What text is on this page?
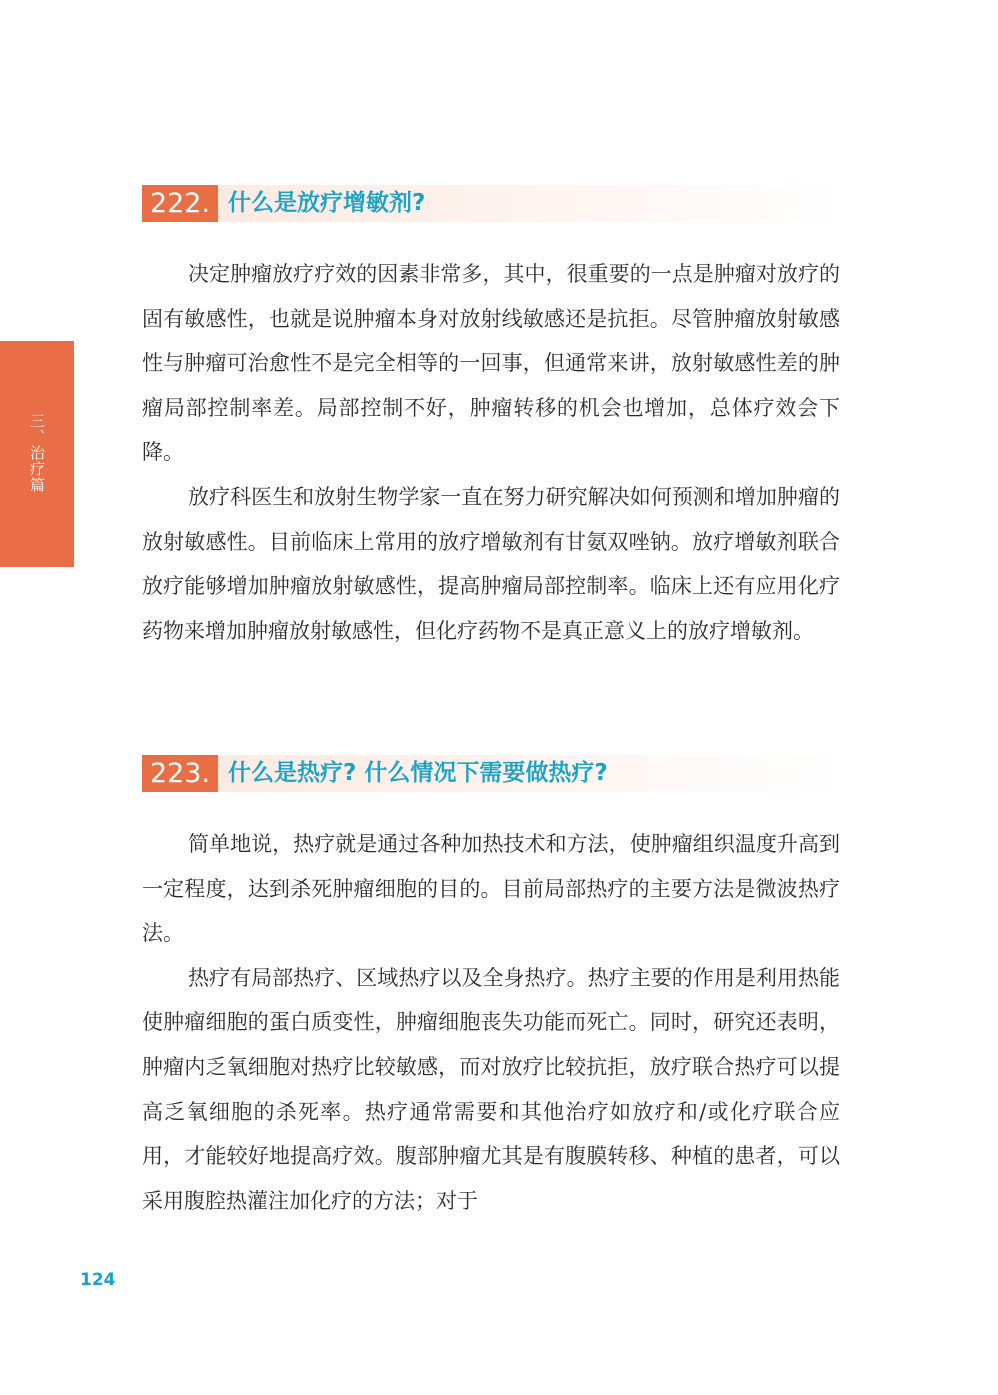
三、治疗篇
222. 什么是放疗增敏剂?

决定肿瘤放疗疗效的因素非常多，其中，很重要的一点是肿瘤对放疗的固有敏感性，也就是说肿瘤本身对放射线敏感还是抗拒。尽管肿瘤放射敏感性与肿瘤可治愈性不是完全相等的一回事，但通常来讲，放射敏感性差的肿瘤局部控制率差。局部控制不好，肿瘤转移的机会也增加，总体疗效会下降。

放疗科医生和放射生物学家一直在努力研究解决如何预测和增加肿瘤的放射敏感性。目前临床上常用的放疗增敏剂有甘氨双唑钠。放疗增敏剂联合放疗能够增加肿瘤放射敏感性，提高肿瘤局部控制率。临床上还有应用化疗药物来增加肿瘤放射敏感性，但化疗药物不是真正意义上的放疗增敏剂。

223. 什么是热疗? 什么情况下需要做热疗?

简单地说，热疗就是通过各种加热技术和方法，使肿瘤组织温度升高到一定程度，达到杀死肿瘤细胞的目的。目前局部热疗的主要方法是微波热疗法。

热疗有局部热疗、区域热疗以及全身热疗。热疗主要的作用是利用热能使肿瘤细胞的蛋白质变性，肿瘤细胞丧失功能而死亡。同时，研究还表明，肿瘤内乏氧细胞对热疗比较敏感，而对放疗比较抗拒，放疗联合热疗可以提高乏氧细胞的杀死率。热疗通常需要和其他治疗如放疗和/或化疗联合应用，才能较好地提高疗效。腹部肿瘤尤其是有腹膜转移、种植的患者，可以采用腹腔热灌注加化疗的方法；对于

124
